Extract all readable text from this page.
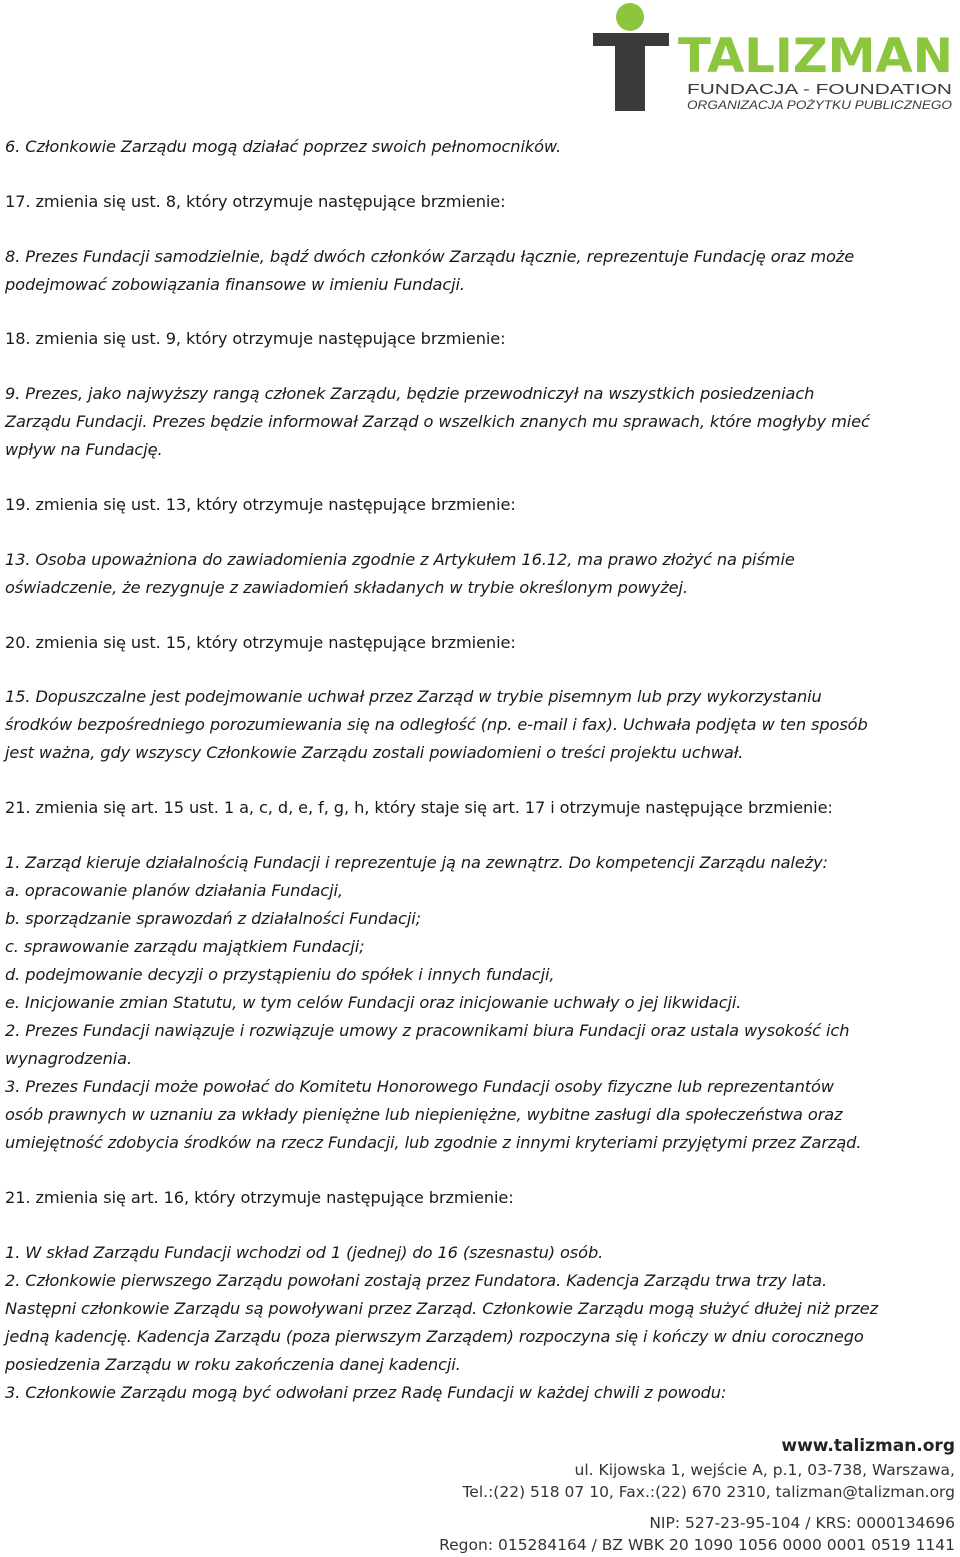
TALIZMAN
FUNDACJA - FOUNDATION
ORGANIZACJA POŻYTKU PUBLICZNEGO
6. Członkowie Zarządu mogą działać poprzez swoich pełnomocników.
17. zmienia się ust. 8, który otrzymuje następujące brzmienie:
8. Prezes Fundacji samodzielnie, bądź dwóch członków Zarządu łącznie, reprezentuje Fundację oraz może
podejmować zobowiązania finansowe w imieniu Fundacji.
18. zmienia się ust. 9, który otrzymuje następujące brzmienie:
9. Prezes, jako najwyższy rangą członek Zarządu, będzie przewodniczył na wszystkich posiedzeniach
Zarządu Fundacji. Prezes będzie informował Zarząd o wszelkich znanych mu sprawach, które mogłyby mieć
wpływ na Fundację.
19. zmienia się ust. 13, który otrzymuje następujące brzmienie:
13. Osoba upoważniona do zawiadomienia zgodnie z Artykułem 16.12, ma prawo złożyć na piśmie
oświadczenie, że rezygnuje z zawiadomień składanych w trybie określonym powyżej.
20. zmienia się ust. 15, który otrzymuje następujące brzmienie:
15. Dopuszczalne jest podejmowanie uchwał przez Zarząd w trybie pisemnym lub przy wykorzystaniu
środków bezpośredniego porozumiewania się na odległość (np. e-mail i fax). Uchwała podjęta w ten sposób
jest ważna, gdy wszyscy Członkowie Zarządu zostali powiadomieni o treści projektu uchwał.
21. zmienia się art. 15 ust. 1 a, c, d, e, f, g, h, który staje się art. 17 i otrzymuje następujące brzmienie:
1. Zarząd kieruje działalnością Fundacji i reprezentuje ją na zewnątrz. Do kompetencji Zarządu należy:
a. opracowanie planów działania Fundacji,
b. sporządzanie sprawozdań z działalności Fundacji;
c. sprawowanie zarządu majątkiem Fundacji;
d. podejmowanie decyzji o przystąpieniu do spółek i innych fundacji,
e. Inicjowanie zmian Statutu, w tym celów Fundacji oraz inicjowanie uchwały o jej likwidacji.
2. Prezes Fundacji nawiązuje i rozwiązuje umowy z pracownikami biura Fundacji oraz ustala wysokość ich
wynagrodzenia.
3. Prezes Fundacji może powołać do Komitetu Honorowego Fundacji osoby fizyczne lub reprezentantów
osób prawnych w uznaniu za wkłady pieniężne lub niepieniężne, wybitne zasługi dla społeczeństwa oraz
umiejętność zdobycia środków na rzecz Fundacji, lub zgodnie z innymi kryteriami przyjętymi przez Zarząd.
21. zmienia się art. 16, który otrzymuje następujące brzmienie:
1. W skład Zarządu Fundacji wchodzi od 1 (jednej) do 16 (szesnastu) osób.
2. Członkowie pierwszego Zarządu powołani zostają przez Fundatora. Kadencja Zarządu trwa trzy lata.
Następni członkowie Zarządu są powoływani przez Zarząd. Członkowie Zarządu mogą służyć dłużej niż przez
jedną kadencję. Kadencja Zarządu (poza pierwszym Zarządem) rozpoczyna się i kończy w dniu corocznego
posiedzenia Zarządu w roku zakończenia danej kadencji.
3. Członkowie Zarządu mogą być odwołani przez Radę Fundacji w każdej chwili z powodu:
www.talizman.org
ul. Kijowska 1, wejście A, p.1, 03-738, Warszawa,
Tel.:(22) 518 07 10, Fax.:(22) 670 2310, talizman@talizman.org
NIP: 527-23-95-104 / KRS: 0000134696
Regon: 015284164 / BZ WBK 20 1090 1056 0000 0001 0519 1141
